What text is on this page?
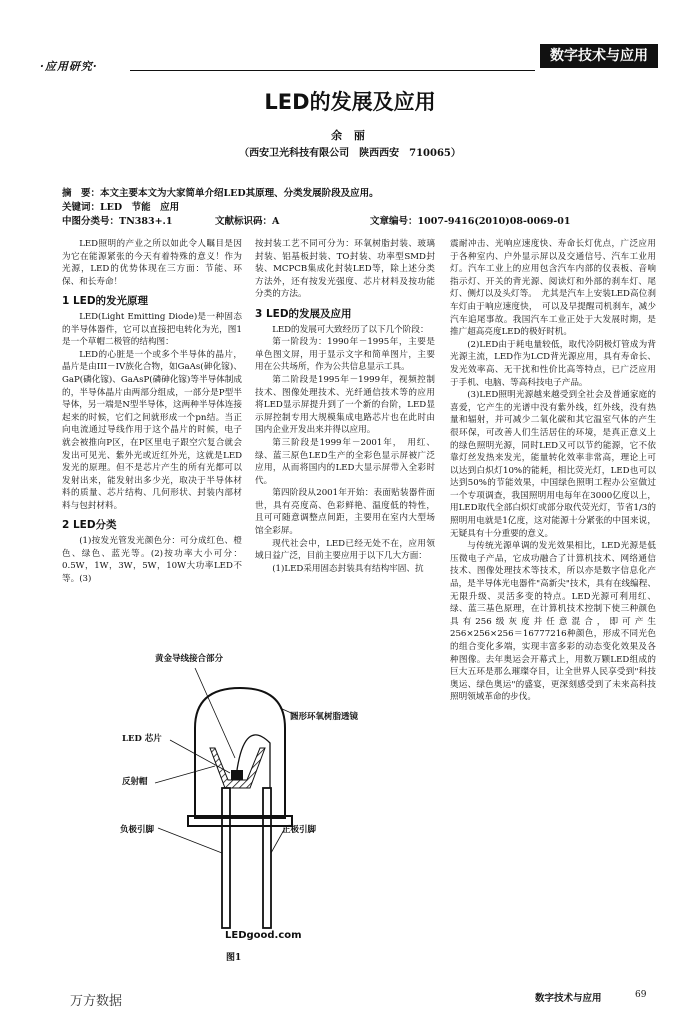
·应用研究·
数字技术与应用
LED的发展及应用
余 丽
（西安卫光科技有限公司　陕西西安　710065）
摘　要：本文主要本文为大家简单介绍LED其原理、分类发展阶段及应用。
关键词：LED　节能　应用
中图分类号：TN383+.1	文献标识码：A	文章编号：1007-9416(2010)08-0069-01

LED照明的产业之所以如此令人瞩目是因为它在能源紧张的今天有着特殊的意义！作为光源，LED的优势体现在三方面：节能、环保、和长寿命！

1 LED的发光原理

LED(Light Emitting Diode)是一种固态的半导体器件，它可以直接把电转化为光，图1是一个草帽二极管的结构图：

LED的心脏是一个或多个半导体的晶片，晶片是由III－IV族化合物，如GaAs(砷化镓)、GaP(磷化镓)、GaAsP(磷砷化镓)等半导体制成的，半导体晶片由两部分组成，一部分是P型半导体，另一端是N型半导体，这两种半导体连接起来的时候，它们之间就形成一个pn结。当正向电流通过导线作用于这个晶片的时候，电子就会被推向P区，在P区里电子跟空穴复合就会发出可见光、紫外光或近红外光，这就是LED发光的原理。但不是芯片产生的所有光都可以发射出来，能发射出多少光，取决于半导体材料的质量、芯片结构、几何形状、封装内部材料与包封材料。

2 LED分类

(1)按发光管发光颜色分：可分成红色、橙色、绿色、蓝光等。(2)按功率大小可分：0.5W，1W，3W，5W，10W大功率LED不等。(3)

按封装工艺不同可分为：环氧树脂封装、玻璃封装、铝基板封装、TO封装、功率型SMD封装、MCPCB集成化封装LED等，除上述分类方法外，还有按发光强度、芯片材料及按功能分类的方法。

3 LED的发展及应用

LED的发展可大致经历了以下几个阶段：

第一阶段为：1990年－1995年，主要是单色图文屏，用于显示文字和简单图片，主要用在公共场所，作为公共信息显示工具。

第二阶段是1995年－1999年，视频控制技术、图像处理技术、光纤通信技术等的应用将LED显示屏提升到了一个新的台阶，LED显示屏控制专用大规模集成电路芯片也在此时由国内企业开发出来并得以应用。

第三阶段是1999年－2001年，　用红、绿、蓝三原色LED生产的全彩色显示屏被广泛应用，从而将国内的LED大显示屏带入全彩时代。

第四阶段从2001年开始：表面贴装器件面世，具有亮度高、色彩鲜艳、温度低的特性，且可可随意调整点间距，主要用在室内大型场馆全彩屏。

现代社会中，LED已经无处不在，应用领域日益广泛，目前主要应用于以下几大方面：

(1)LED采用固态封装具有结构牢固、抗

震耐冲击、光响应速度快、寿命长灯优点，广泛应用于各种室内、户外显示屏以及交通信号、汽车工业用灯。汽车工业上的应用包含汽车内部的仪表板、音响指示灯、开关的背光源、阅读灯和外部的刹车灯、尾灯、侧灯以及头灯等。　尤其是汽车上安装LED高位刹车灯由于响应速度快，　可以及早提醒司机刹车，减少汽车追尾事故。我国汽车工业正处于大发展时期，是推广超高亮度LED的极好时机。

(2)LED由于耗电量较低，取代冷阴极灯管成为背光源主流，LED作为LCD背光源应用，具有寿命长、发光效率高、无干扰和性价比高等特点，已广泛应用于手机、电脑、等高科技电子产品。

(3)LED照明光源越来越受到全社会及普通家庭的喜爱，它产生的光谱中没有紫外线，红外线，没有热量和辐射，并可减少二氧化碳和其它温室气体的产生很环保，可改善人们生活居住的环境，是真正意义上的绿色照明光源，同时LED又可以节约能源，它不依靠灯丝发热来发光，能量转化效率非常高，理论上可以达到白炽灯10%的能耗，相比荧光灯，LED也可以达到50%的节能效果，中国绿色照明工程办公室做过一个专项调查，我国照明用电每年在3000亿度以上，用LED取代全部白炽灯或部分取代荧光灯，节省1/3的照明用电就是1亿度，这对能源十分紧张的中国来说，无疑具有十分重要的意义。

与传统光源单调的发光效果相比，LED光源是低压微电子产品，它成功融合了计算机技术、网络通信技术、图像处理技术等技术，所以亦是数字信息化产品，是半导体光电器件"高新尖"技术，具有在线编程、无限升级、灵活多变的特点。LED光源可利用红、绿、蓝三基色原理，在计算机技术控制下使三种颜色具有256级灰度并任意混合，即可产生256×256×256＝16777216种颜色，形成不同光色的组合变化多端，实现丰富多彩的动态变化效果及各种图像。去年奥运会开幕式上，用数万颗LED组成的巨大五环是那么璀璨夺目，让全世界人民享受到"科技奥运、绿色奥运"的盛宴，更深刻感受到了未来高科技照明领域革命的步伐。

黄金导线接合部分
LED 芯片
反射帽
圆形环氧树脂透镜
负极引脚	正极引脚
LEDgood.com
图1
万方数据	数字技术与应用	69
